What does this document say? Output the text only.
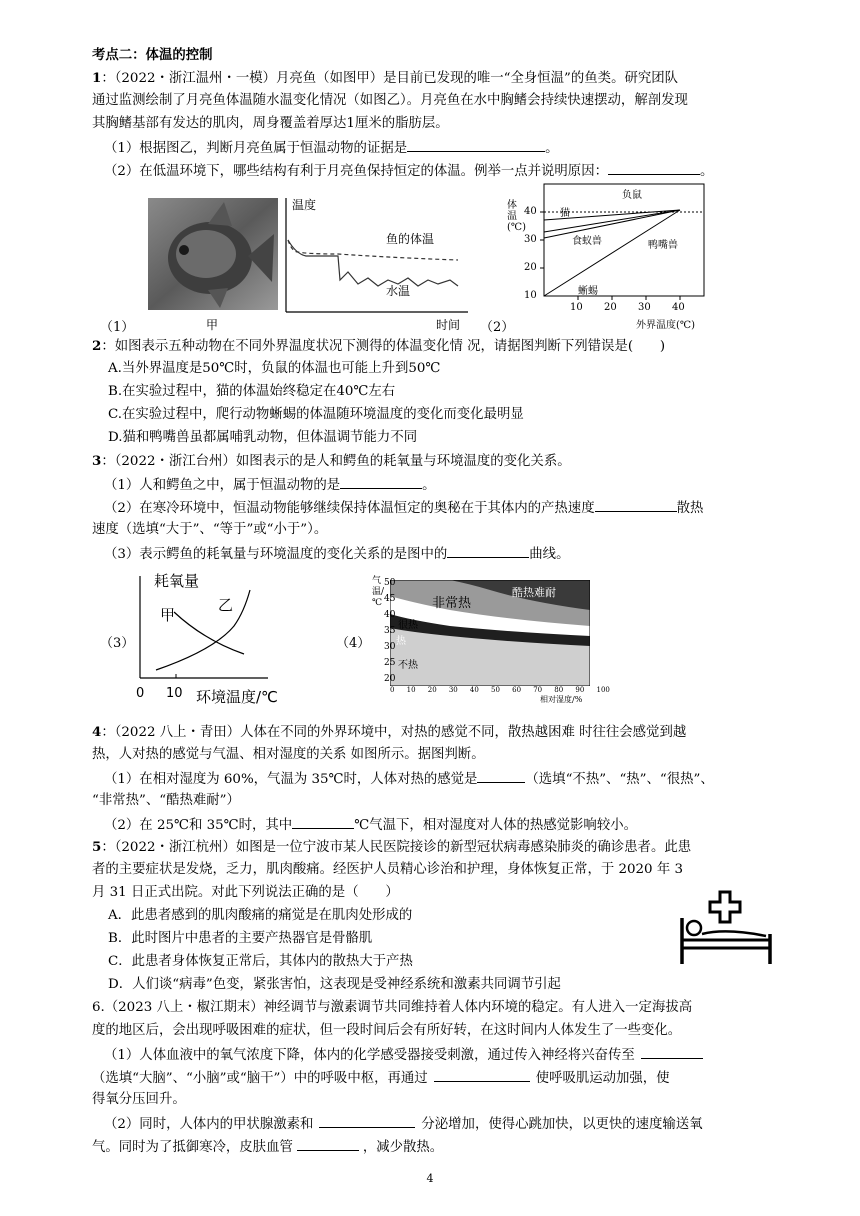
考点二：体温的控制
1：（2022・浙江温州・一模）月亮鱼（如图甲）是目前已发现的唯一“全身恒温”的鱼类。研究团队
通过监测绘制了月亮鱼体温随水温变化情况（如图乙）。月亮鱼在水中胸鳍会持续快速摆动，解剖发现
其胸鳍基部有发达的肌肉，周身覆盖着厚达1厘米的脂肪层。
（1）根据图乙，判断月亮鱼属于恒温动物的证据是	。
（2）在低温环境下，哪些结构有利于月亮鱼保持恒定的体温。例举一点并说明原因：	。
（1）	甲
温度
鱼的体温
水温
时间 （2）
体温(℃)
40
30
20
10
10 20 30 40
外界温度(℃)
负鼠
猫
食蚁兽	鸭嘴兽
蜥蜴
2：如图表示五种动物在不同外界温度状况下测得的体温变化情 况，请据图判断下列错误是(　　)
A.当外界温度是50℃时，负鼠的体温也可能上升到50℃
B.在实验过程中，猫的体温始终稳定在40℃左右
C.在实验过程中，爬行动物蜥蜴的体温随环境温度的变化而变化最明显
D.猫和鸭嘴兽虽都属哺乳动物，但体温调节能力不同
3：（2022・浙江台州）如图表示的是人和鳄鱼的耗氧量与环境温度的变化关系。
（1）人和鳄鱼之中，属于恒温动物的是	。
（2）在寒冷环境中，恒温动物能够继续保持体温恒定的奥秘在于其体内的产热速度	散热
速度（选填“大于”、“等于”或“小于”）。
（3）表示鳄鱼的耗氧量与环境温度的变化关系的是图中的	曲线。
（3）
耗氧量
甲
乙
0 10 环境温度/℃
（4）
气温/℃
50
45
40
35
30
25
20
0 10 20 30 40 50 60 70 80 90 100
相对湿度/%
酷热难耐
非常热
很热
热
不热
4：（2022 八上・青田）人体在不同的外界环境中，对热的感觉不同，散热越困难 时往往会感觉到越
热，人对热的感觉与气温、相对湿度的关系 如图所示。据图判断。
（1）在相对湿度为 60%，气温为 35℃时，人体对热的感觉是	（选填“不热”、“热”、“很热”、
“非常热”、“酷热难耐”）
（2）在 25℃和 35℃时，其中	℃气温下，相对湿度对人体的热感觉影响较小。
5：（2022・浙江杭州）如图是一位宁波市某人民医院接诊的新型冠状病毒感染肺炎的确诊患者。此患
者的主要症状是发烧，乏力，肌肉酸痛。经医护人员精心诊治和护理，身体恢复正常，于 2020 年 3
月 31 日正式出院。对此下列说法正确的是（　　）
A．此患者感到的肌肉酸痛的痛觉是在肌肉处形成的
B．此时图片中患者的主要产热器官是骨骼肌
C．此患者身体恢复正常后，其体内的散热大于产热
D．人们谈“病毒”色变，紧张害怕，这表现是受神经系统和激素共同调节引起
6.（2023 八上・椒江期末）神经调节与激素调节共同维持着人体内环境的稳定。有人进入一定海拔高
度的地区后，会出现呼吸困难的症状，但一段时间后会有所好转，在这时间内人体发生了一些变化。
（1）人体血液中的氧气浓度下降，体内的化学感受器接受刺激，通过传入神经将兴奋传至
（选填“大脑”、“小脑”或“脑干”）中的呼吸中枢，再通过	使呼吸肌运动加强，使
得氧分压回升。
（2）同时，人体内的甲状腺激素和	分泌增加，使得心跳加快，以更快的速度输送氧
气。同时为了抵御寒冷，皮肤血管	，减少散热。
4
